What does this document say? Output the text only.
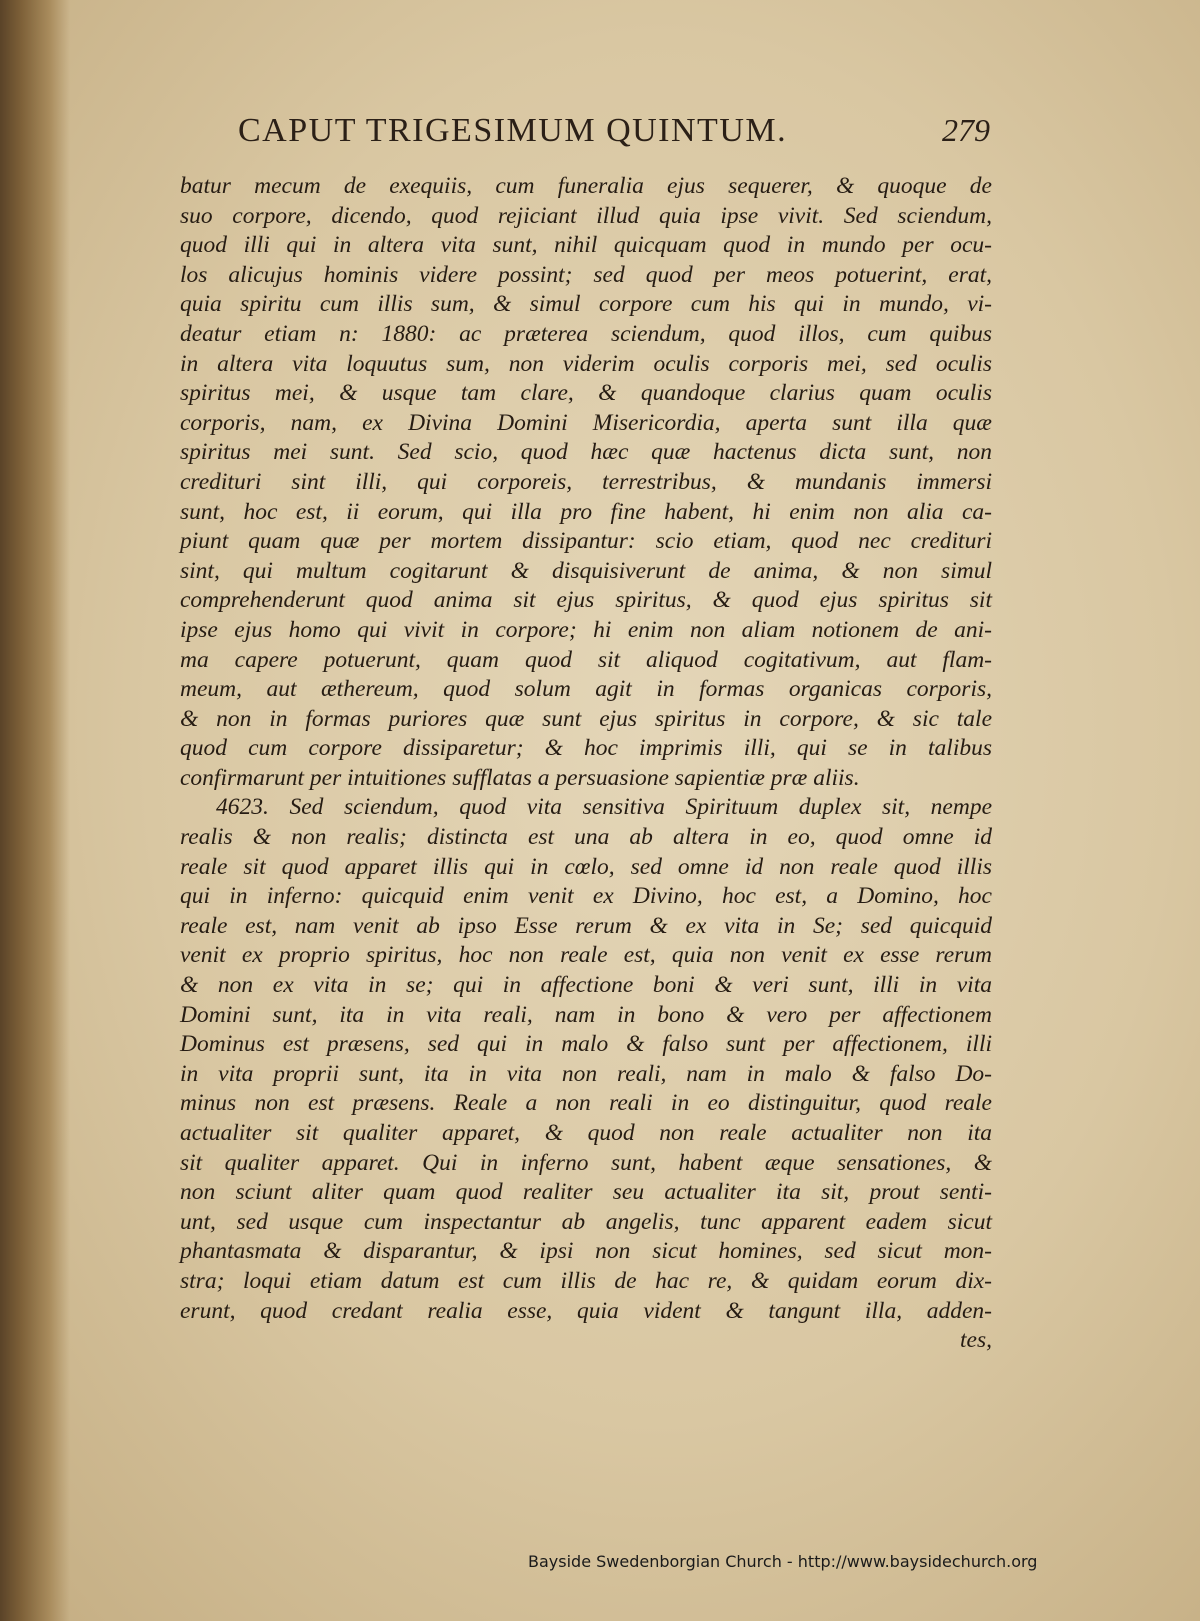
CAPUT TRIGESIMUM QUINTUM.	279
batur mecum de exequiis, cum funeralia ejus sequerer, & quoque de
suo corpore, dicendo, quod rejiciant illud quia ipse vivit. Sed sciendum,
quod illi qui in altera vita sunt, nihil quicquam quod in mundo per ocu-
los alicujus hominis videre possint; sed quod per meos potuerint, erat,
quia spiritu cum illis sum, & simul corpore cum his qui in mundo, vi-
deatur etiam n: 1880: ac præterea sciendum, quod illos, cum quibus
in altera vita loquutus sum, non viderim oculis corporis mei, sed oculis
spiritus mei, & usque tam clare, & quandoque clarius quam oculis
corporis, nam, ex Divina Domini Misericordia, aperta sunt illa quæ
spiritus mei sunt. Sed scio, quod hæc quæ hactenus dicta sunt, non
credituri sint illi, qui corporeis, terrestribus, & mundanis immersi
sunt, hoc est, ii eorum, qui illa pro fine habent, hi enim non alia ca-
piunt quam quæ per mortem dissipantur: scio etiam, quod nec credituri
sint, qui multum cogitarunt & disquisiverunt de anima, & non simul
comprehenderunt quod anima sit ejus spiritus, & quod ejus spiritus sit
ipse ejus homo qui vivit in corpore; hi enim non aliam notionem de ani-
ma capere potuerunt, quam quod sit aliquod cogitativum, aut flam-
meum, aut æthereum, quod solum agit in formas organicas corporis,
& non in formas puriores quæ sunt ejus spiritus in corpore, & sic tale
quod cum corpore dissiparetur; & hoc imprimis illi, qui se in talibus
confirmarunt per intuitiones sufflatas a persuasione sapientiæ præ aliis.
4623. Sed sciendum, quod vita sensitiva Spirituum duplex sit, nempe
realis & non realis; distincta est una ab altera in eo, quod omne id
reale sit quod apparet illis qui in cœlo, sed omne id non reale quod illis
qui in inferno: quicquid enim venit ex Divino, hoc est, a Domino, hoc
reale est, nam venit ab ipso Esse rerum & ex vita in Se; sed quicquid
venit ex proprio spiritus, hoc non reale est, quia non venit ex esse rerum
& non ex vita in se; qui in affectione boni & veri sunt, illi in vita
Domini sunt, ita in vita reali, nam in bono & vero per affectionem
Dominus est præsens, sed qui in malo & falso sunt per affectionem, illi
in vita proprii sunt, ita in vita non reali, nam in malo & falso Do-
minus non est præsens. Reale a non reali in eo distinguitur, quod reale
actualiter sit qualiter apparet, & quod non reale actualiter non ita
sit qualiter apparet. Qui in inferno sunt, habent æque sensationes, &
non sciunt aliter quam quod realiter seu actualiter ita sit, prout senti-
unt, sed usque cum inspectantur ab angelis, tunc apparent eadem sicut
phantasmata & disparantur, & ipsi non sicut homines, sed sicut mon-
stra; loqui etiam datum est cum illis de hac re, & quidam eorum dix-
erunt, quod credant realia esse, quia vident & tangunt illa, adden-
tes,
Bayside Swedenborgian Church - http://www.baysidechurch.org
